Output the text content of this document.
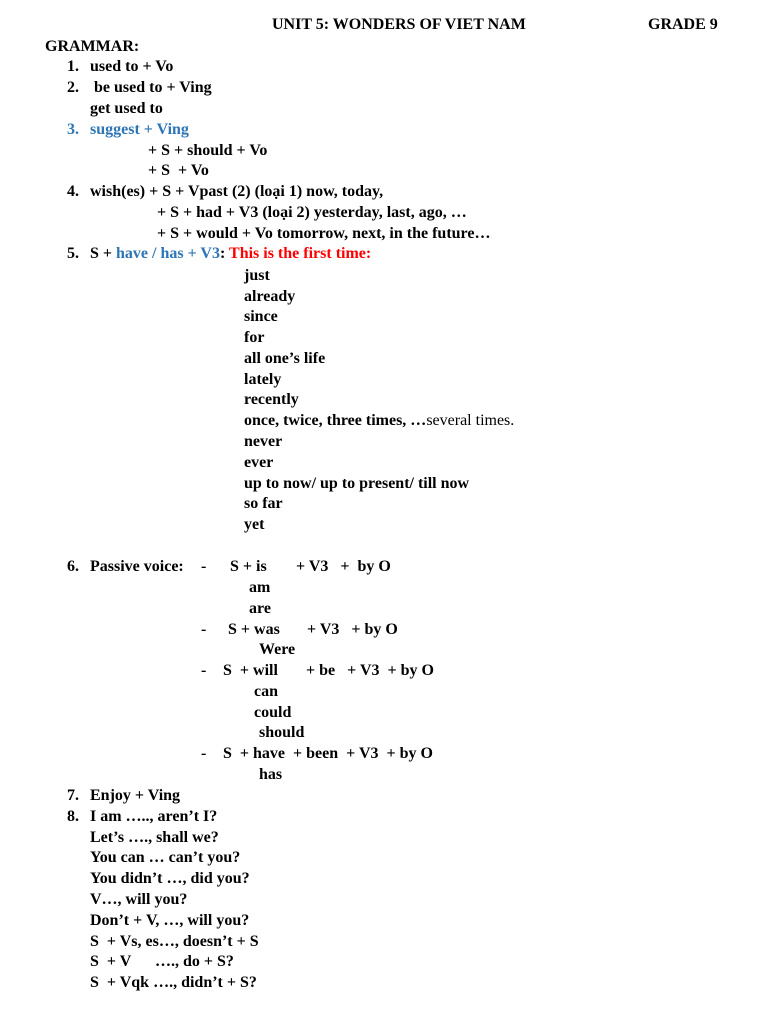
UNIT 5: WONDERS OF VIET NAM	GRADE 9
GRAMMAR:
1. used to + Vo
2. be used to + Ving
get used to
3. suggest + Ving
+ S + should + Vo
+ S  + Vo
4. wish(es) + S + Vpast (2) (loại 1) now, today,
+ S + had + V3 (loại 2) yesterday, last, ago, …
+ S + would + Vo tomorrow, next, in the future…
5. S + have / has + V3: This is the first time:
just
already
since
for
all one’s life
lately
recently
once, twice, three times, …several times.
never
ever
up to now/ up to present/ till now
so far
yet
6. Passive voice: - S + is + V3   +  by O
am
are
- S + was + V3   + by O
Were
- S  + will + be   + V3  + by O
can
could
should
- S  + have  + been  + V3  + by O
has
7. Enjoy + Ving
8. I am ….., aren’t I?
Let’s …., shall we?
You can … can’t you?
You didn’t …, did you?
V…, will you?
Don’t + V, …, will you?
S  + Vs, es…, doesn’t + S
S  + V      …., do + S?
S  + Vqk …., didn’t + S?
